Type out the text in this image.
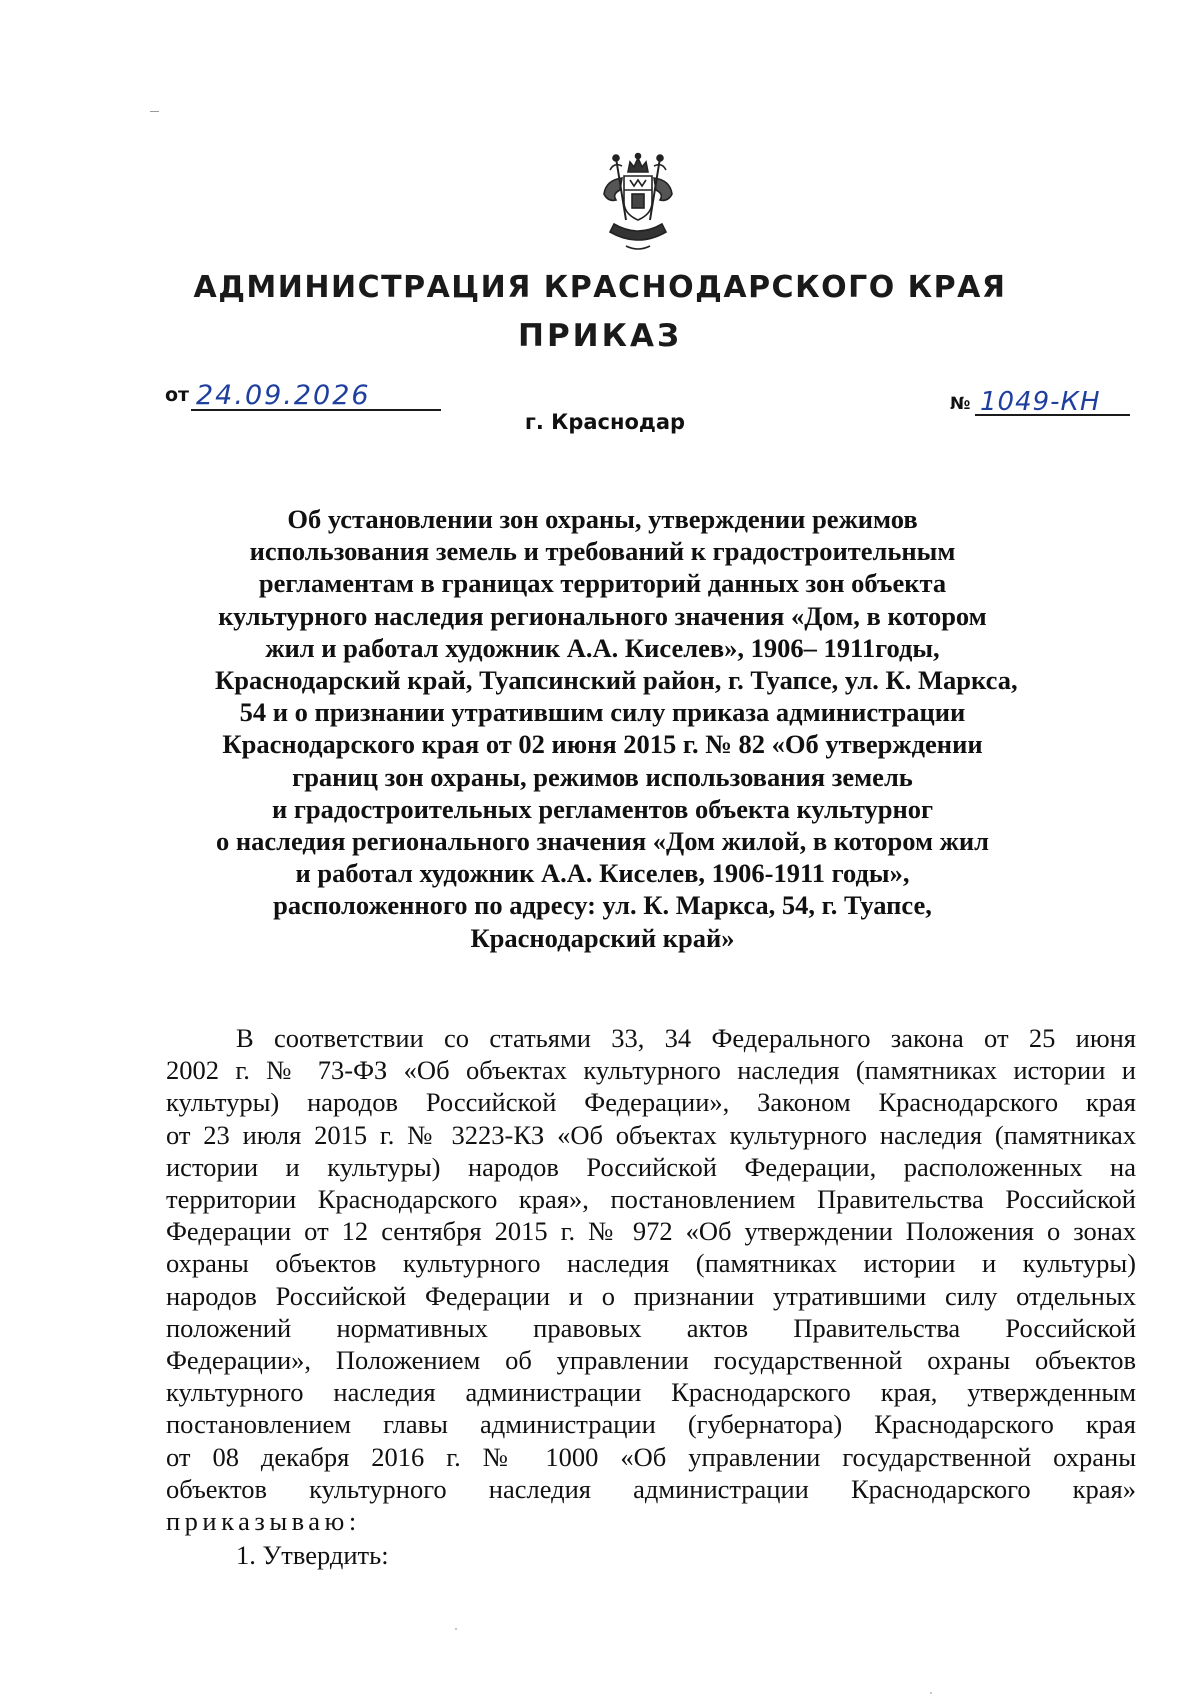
АДМИНИСТРАЦИЯ КРАСНОДАРСКОГО КРАЯ
ПРИКАЗ
от 24.09.2026	№ 1049-КН
г. Краснодар
Об установлении зон охраны, утверждении режимов
использования земель и требований к градостроительным
регламентам в границах территорий данных зон объекта
культурного наследия регионального значения «Дом, в котором
жил и работал художник А.А. Киселев», 1906– 1911годы,
Краснодарский край, Туапсинский район, г. Туапсе, ул. К. Маркса,
54 и о признании утратившим силу приказа администрации
Краснодарского края от 02 июня 2015 г. № 82 «Об утверждении
границ зон охраны, режимов использования земель
и градостроительных регламентов объекта культурног
о наследия регионального значения «Дом жилой, в котором жил
и работал художник А.А. Киселев, 1906-1911 годы»,
расположенного по адресу: ул. К. Маркса, 54, г. Туапсе,
Краснодарский край»
В соответствии со статьями 33, 34 Федерального закона от 25 июня
2002 г. № 73-ФЗ «Об объектах культурного наследия (памятниках истории и
культуры) народов Российской Федерации», Законом Краснодарского края
от 23 июля 2015 г. № 3223-КЗ «Об объектах культурного наследия (памятниках
истории и культуры) народов Российской Федерации, расположенных на
территории Краснодарского края», постановлением Правительства Российской
Федерации от 12 сентября 2015 г. № 972 «Об утверждении Положения о зонах
охраны объектов культурного наследия (памятниках истории и культуры)
народов Российской Федерации и о признании утратившими силу отдельных
положений нормативных правовых актов Правительства Российской
Федерации», Положением об управлении государственной охраны объектов
культурного наследия администрации Краснодарского края, утвержденным
постановлением главы администрации (губернатора) Краснодарского края
от 08 декабря 2016 г. № 1000 «Об управлении государственной охраны
объектов культурного наследия администрации Краснодарского края»
приказываю:
1. Утвердить:
